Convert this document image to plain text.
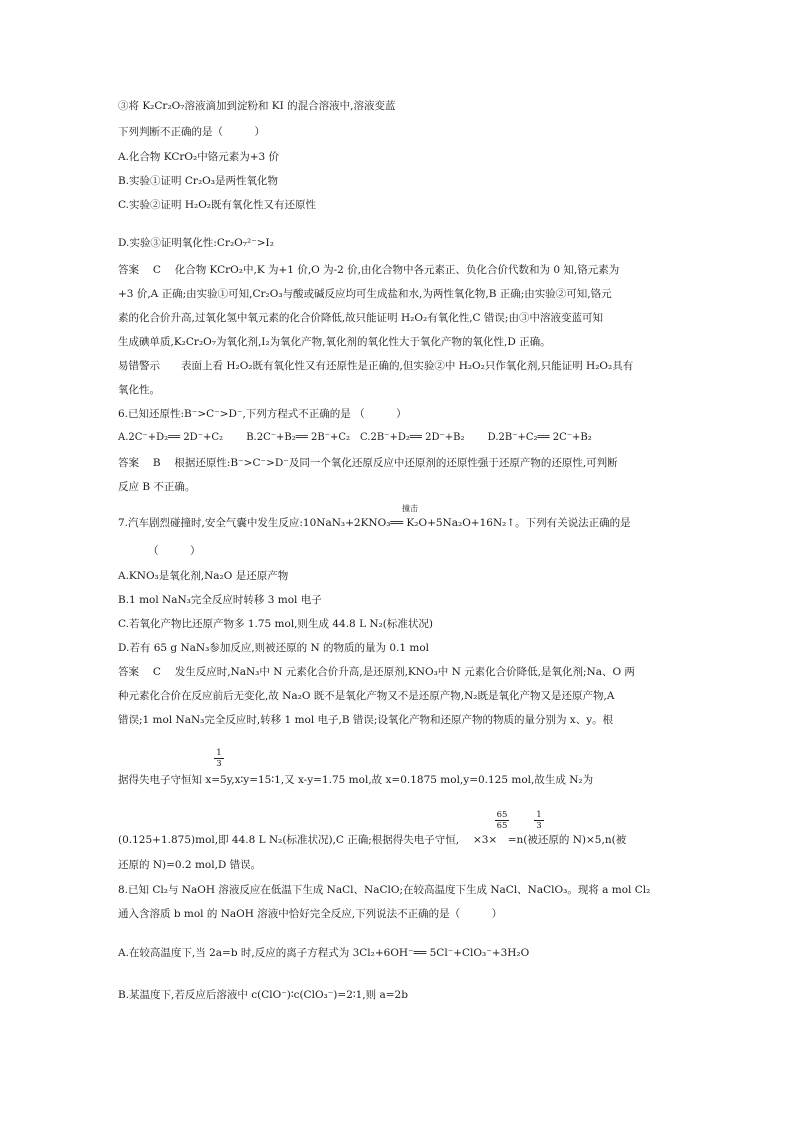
③将 K₂Cr₂O₇溶液滴加到淀粉和 KI 的混合溶液中,溶液变蓝
下列判断不正确的是（　　　）
A.化合物 KCrO₂中铬元素为+3 价
B.实验①证明 Cr₂O₃是两性氧化物
C.实验②证明 H₂O₂既有氧化性又有还原性
D.实验③证明氧化性:Cr₂O₇²⁻>I₂
答案　 C　 化合物 KCrO₂中,K 为+1 价,O 为-2 价,由化合物中各元素正、负化合价代数和为 0 知,铬元素为
+3 价,A 正确;由实验①可知,Cr₂O₃与酸或碱反应均可生成盐和水,为两性氧化物,B 正确;由实验②可知,铬元
素的化合价升高,过氧化氢中氧元素的化合价降低,故只能证明 H₂O₂有氧化性,C 错误;由③中溶液变蓝可知
生成碘单质,K₂Cr₂O₇为氧化剂,I₂为氧化产物,氧化剂的氧化性大于氧化产物的氧化性,D 正确。
易错警示　　表面上看 H₂O₂既有氧化性又有还原性是正确的,但实验②中 H₂O₂只作氧化剂,只能证明 H₂O₂具有
氧化性。
6.已知还原性:B⁻>C⁻>D⁻,下列方程式不正确的是 （　　　）
A.2C⁻+D₂══ 2D⁻+C₂　　 B.2C⁻+B₂══ 2B⁻+C₂　C.2B⁻+D₂══ 2D⁻+B₂　　 D.2B⁻+C₂══ 2C⁻+B₂
答案　 B　 根据还原性:B⁻>C⁻>D⁻及同一个氧化还原反应中还原剂的还原性强于还原产物的还原性,可判断
反应 B 不正确。
撞击
7.汽车剧烈碰撞时,安全气囊中发生反应:10NaN₃+2KNO₃══ K₂O+5Na₂O+16N₂↑。下列有关说法正确的是
（　　　）
A.KNO₃是氧化剂,Na₂O 是还原产物
B.1 mol NaN₃完全反应时转移 3 mol 电子
C.若氧化产物比还原产物多 1.75 mol,则生成 44.8 L N₂(标准状况)
D.若有 65 g NaN₃参加反应,则被还原的 N 的物质的量为 0.1 mol
答案　 C　 发生反应时,NaN₃中 N 元素化合价升高,是还原剂,KNO₃中 N 元素化合价降低,是氧化剂;Na、O 两
种元素化合价在反应前后无变化,故 Na₂O 既不是氧化产物又不是还原产物,N₂既是氧化产物又是还原产物,A
错误;1 mol NaN₃完全反应时,转移 1 mol 电子,B 错误;设氧化产物和还原产物的物质的量分别为 x、y。根
1
3
据得失电子守恒知 x=5y,x∶y=15∶1,又 x-y=1.75 mol,故 x=0.1875 mol,y=0.125 mol,故生成 N₂为
65
65
1
3
(0.125+1.875)mol,即 44.8 L N₂(标准状况),C 正确;根据得失电子守恒,　 ×3×　=n(被还原的 N)×5,n(被
还原的 N)=0.2 mol,D 错误。
8.已知 Cl₂与 NaOH 溶液反应在低温下生成 NaCl、NaClO;在较高温度下生成 NaCl、NaClO₃。现将 a mol Cl₂
通入含溶质 b mol 的 NaOH 溶液中恰好完全反应,下列说法不正确的是（　　　）
A.在较高温度下,当 2a=b 时,反应的离子方程式为 3Cl₂+6OH⁻══ 5Cl⁻+ClO₃⁻+3H₂O
B.某温度下,若反应后溶液中 c(ClO⁻)∶c(ClO₃⁻)=2∶1,则 a=2b
